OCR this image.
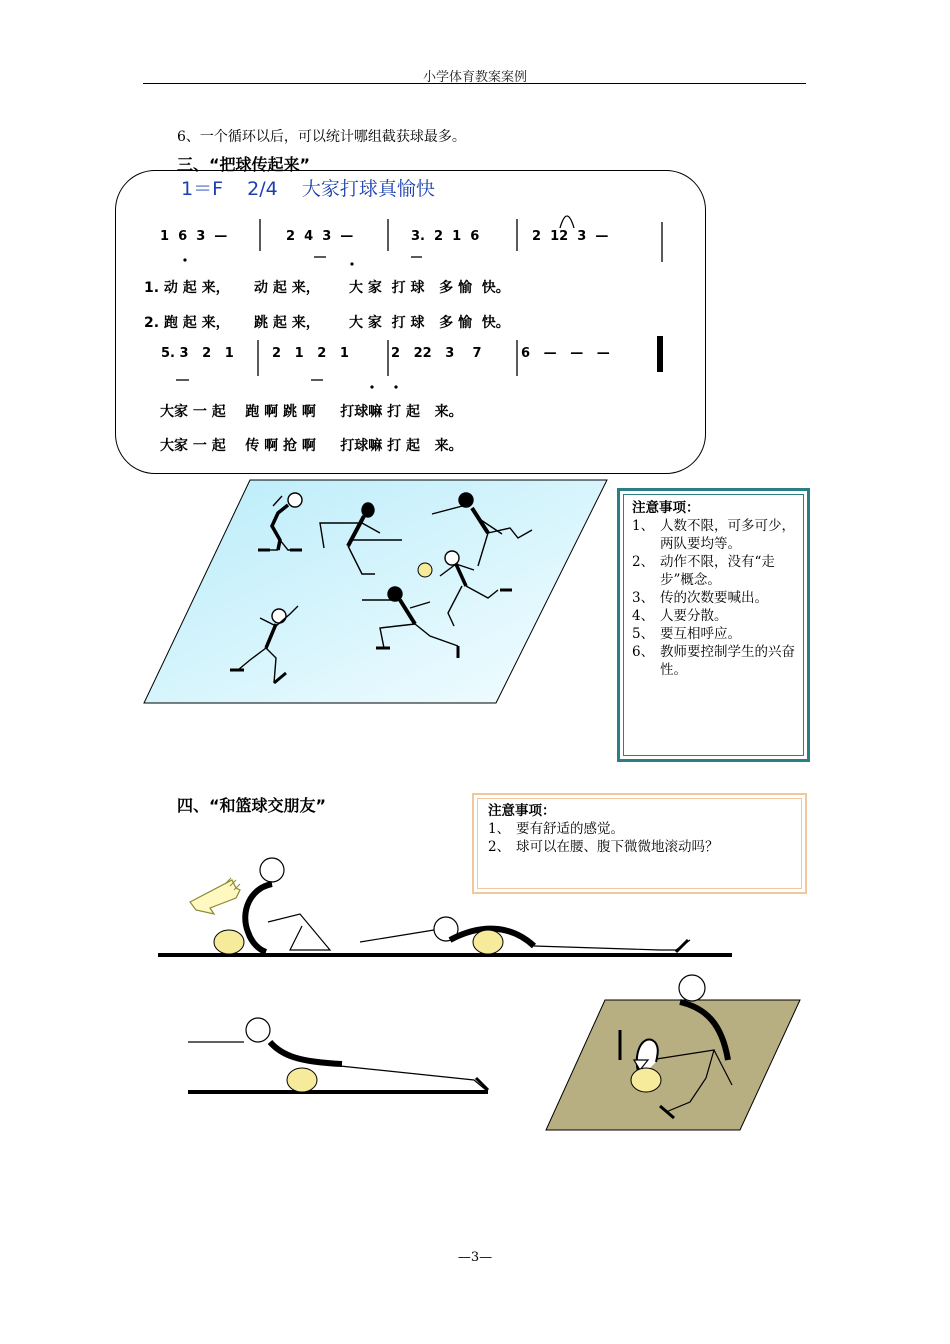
小学体育教案案例
6、一个循环以后，可以统计哪组截获球最多。
三、“把球传起来”
1＝F    2/4    大家打球真愉快
1  6  3  —	2  4  3  —	3.  2  1  6	2  12  3  —
1. 动 起 来，     动 起 来，      大 家  打 球   多 愉  快。
2. 跑 起 来，     跳 起 来，      大 家  打 球   多 愉  快。
5. 3   2   1	2   1   2   1	2   22   3    7	6   —   —   —
大家 一 起    跑 啊 跳 啊     打球嘛 打 起   来。
大家 一 起    传 啊 抢 啊     打球嘛 打 起   来。
注意事项：
1、 人数不限，可多可少，两队要均等。
2、 动作不限，没有“走步”概念。
3、 传的次数要喊出。
4、 人要分散。
5、 要互相呼应。
6、 教师要控制学生的兴奋性。
四、“和篮球交朋友”	注意事项：
1、 要有舒适的感觉。
2、 球可以在腰、腹下微微地滚动吗？
—3—
